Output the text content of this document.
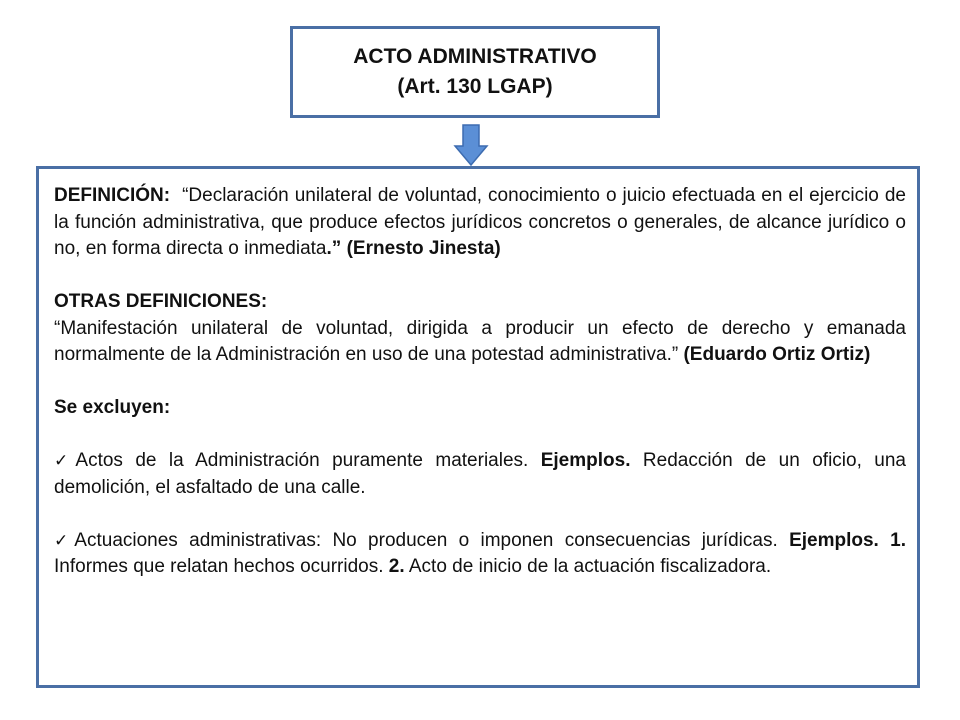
ACTO ADMINISTRATIVO
(Art. 130 LGAP)

DEFINICIÓN: “Declaración unilateral de voluntad, conocimiento o juicio efectuada en el ejercicio de la función administrativa, que produce efectos jurídicos concretos o generales, de alcance jurídico o no, en forma directa o inmediata.” (Ernesto Jinesta)

OTRAS DEFINICIONES:

“Manifestación unilateral de voluntad, dirigida a producir un efecto de derecho y emanada normalmente de la Administración en uso de una potestad administrativa.” (Eduardo Ortiz Ortiz)

Se excluyen:

✓Actos de la Administración puramente materiales. Ejemplos. Redacción de un oficio, una demolición, el asfaltado de una calle.

✓Actuaciones administrativas: No producen o imponen consecuencias jurídicas. Ejemplos. 1. Informes que relatan hechos ocurridos. 2. Acto de inicio de la actuación fiscalizadora.
